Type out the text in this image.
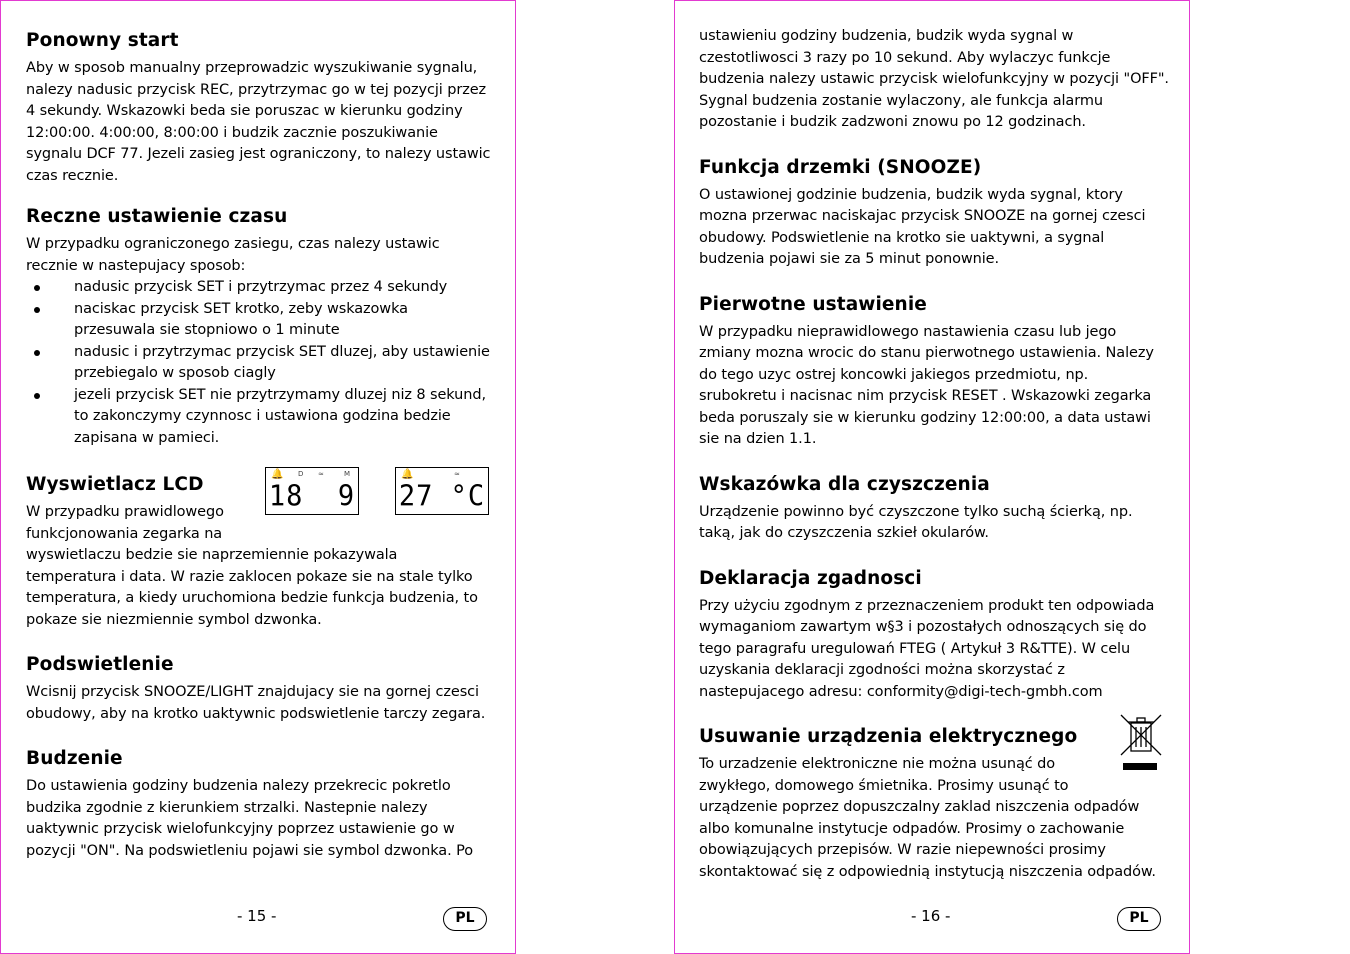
Ponowny start

Aby w sposob manualny przeprowadzic wyszukiwanie sygnalu, nalezy nadusic przycisk REC, przytrzymac go w tej pozycji przez 4 sekundy. Wskazowki beda sie poruszac w kierunku godziny 12:00:00. 4:00:00, 8:00:00 i budzik zacznie poszukiwanie sygnalu DCF 77. Jezeli zasieg jest ograniczony, to nalezy ustawic czas recznie.

Reczne ustawienie czasu

W przypadku ograniczonego zasiegu, czas nalezy ustawic recznie w nastepujacy sposob:

nadusic przycisk SET i przytrzymac przez 4 sekundy
naciskac przycisk SET krotko, zeby wskazowka przesuwala sie stopniowo o 1 minute
nadusic i przytrzymac przycisk SET dluzej, aby ustawienie przebiegalo w sposob ciagly
jezeli przycisk SET nie przytrzymamy dluzej niz 8 sekund, to zakonczymy czynnosc i ustawiona godzina bedzie zapisana w pamieci.
Wyswietlacz LCD

W przypadku prawidlowego funkcjonowania zegarka na

wyswietlaczu bedzie sie naprzemiennie pokazywala temperatura i data. W razie zaklocen pokaze sie na stale tylko temperatura, a kiedy uruchomiona bedzie funkcja budzenia, to pokaze sie niezmiennie symbol dzwonka.

🔔 D ≈	M
18  9
🔔	≈
27 °C
Podswietlenie

Wcisnij przycisk SNOOZE/LIGHT znajdujacy sie na gornej czesci obudowy, aby na krotko uaktywnic podswietlenie tarczy zegara.

Budzenie

Do ustawienia godziny budzenia nalezy przekrecic pokretlo budzika zgodnie z kierunkiem strzalki. Nastepnie nalezy uaktywnic przycisk wielofunkcyjny poprzez ustawienie go w pozycji "ON". Na podswietleniu pojawi sie symbol dzwonka. Po

- 15 -	PL

ustawieniu godziny budzenia, budzik wyda sygnal w czestotliwosci 3 razy po 10 sekund. Aby wylaczyc funkcje budzenia nalezy ustawic przycisk wielofunkcyjny w pozycji "OFF". Sygnal budzenia zostanie wylaczony, ale funkcja alarmu pozostanie i budzik zadzwoni znowu po 12 godzinach.

Funkcja drzemki (SNOOZE)

O ustawionej godzinie budzenia, budzik wyda sygnal, ktory mozna przerwac naciskajac przycisk SNOOZE na gornej czesci obudowy. Podswietlenie na krotko sie uaktywni, a sygnal budzenia pojawi sie za 5 minut ponownie.

Pierwotne ustawienie

W przypadku nieprawidlowego nastawienia czasu lub jego zmiany mozna wrocic do stanu pierwotnego ustawienia. Nalezy do tego uzyc ostrej koncowki jakiegos przedmiotu, np. srubokretu i nacisnac nim przycisk RESET . Wskazowki zegarka beda poruszaly sie w kierunku godziny 12:00:00, a data ustawi sie na dzien 1.1.

Wskazówka dla czyszczenia

Urządzenie powinno być czyszczone tylko suchą ścierką, np. taką, jak do czyszczenia szkieł okularów.

Deklaracja zgadnosci

Przy użyciu zgodnym z przeznaczeniem produkt ten odpowiada wymaganiom zawartym w§3 i pozostałych odnoszących się do tego paragrafu uregulowań FTEG ( Artykuł 3 R&TTE). W celu uzyskania deklaracji zgodności można skorzystać z nastepujacego adresu: conformity@digi-tech-gmbh.com

Usuwanie urządzenia elektrycznego

To urzadzenie elektroniczne nie można usunąć do zwykłego, domowego śmietnika. Prosimy usunąć to

urządzenie poprzez dopuszczalny zaklad niszczenia odpadów albo komunalne instytucje odpadów. Prosimy o zachowanie obowiązujących przepisów. W razie niepewności prosimy skontaktować się z odpowiednią instytucją niszczenia odpadów.

- 16 -	PL
